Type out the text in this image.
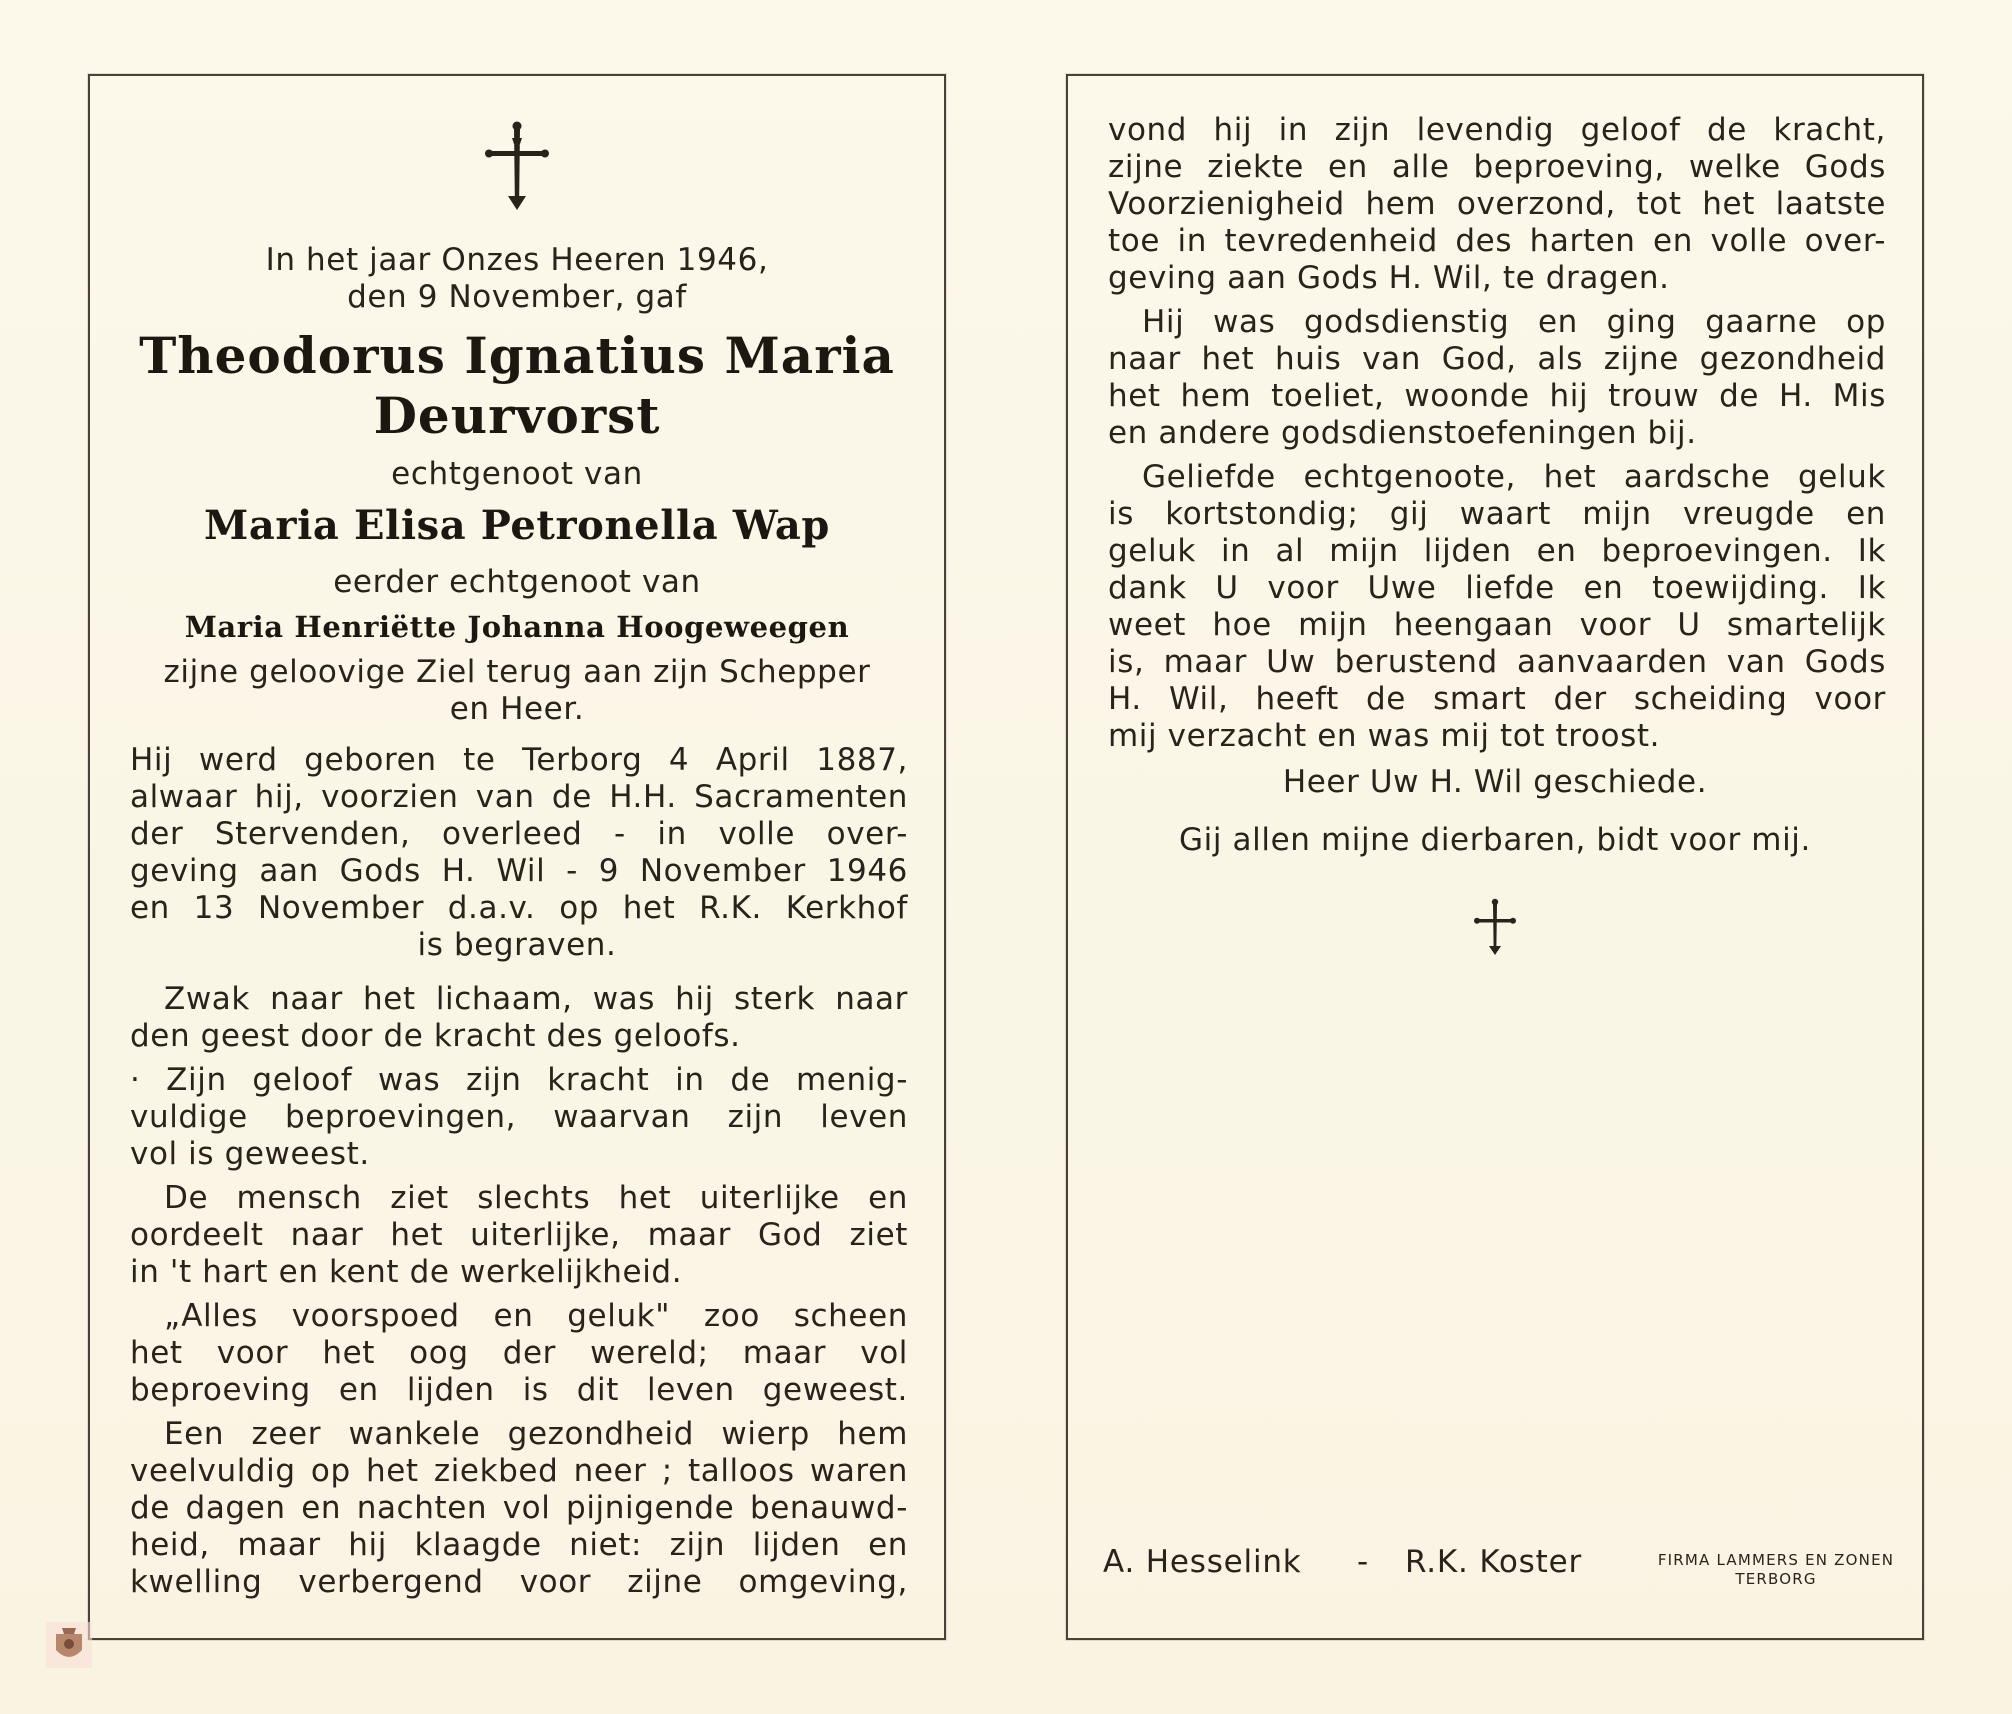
In het jaar Onzes Heeren 1946,
den 9 November, gaf
Theodorus Ignatius Maria
Deurvorst
echtgenoot van
Maria Elisa Petronella Wap
eerder echtgenoot van
Maria Henriëtte Johanna Hoogeweegen
zijne geloovige Ziel terug aan zijn Schepper
en Heer.
Hij werd geboren te Terborg 4 April 1887,
alwaar hij, voorzien van de H.H. Sacramenten
der Stervenden, overleed - in volle over-
geving aan Gods H. Wil - 9 November 1946
en 13 November d.a.v. op het R.K. Kerkhof
is begraven.
Zwak naar het lichaam, was hij sterk naar
den geest door de kracht des geloofs.
· Zijn geloof was zijn kracht in de menig-
vuldige beproevingen, waarvan zijn leven
vol is geweest.
De mensch ziet slechts het uiterlijke en
oordeelt naar het uiterlijke, maar God ziet
in 't hart en kent de werkelijkheid.
„Alles voorspoed en geluk" zoo scheen
het voor het oog der wereld; maar vol
beproeving en lijden is dit leven geweest.
Een zeer wankele gezondheid wierp hem
veelvuldig op het ziekbed neer ; talloos waren
de dagen en nachten vol pijnigende benauwd-
heid, maar hij klaagde niet: zijn lijden en
kwelling verbergend voor zijne omgeving,
vond hij in zijn levendig geloof de kracht,
zijne ziekte en alle beproeving, welke Gods
Voorzienigheid hem overzond, tot het laatste
toe in tevredenheid des harten en volle over-
geving aan Gods H. Wil, te dragen.
Hij was godsdienstig en ging gaarne op
naar het huis van God, als zijne gezondheid
het hem toeliet, woonde hij trouw de H. Mis
en andere godsdienstoefeningen bij.
Geliefde echtgenoote, het aardsche geluk
is kortstondig; gij waart mijn vreugde en
geluk in al mijn lijden en beproevingen. Ik
dank U voor Uwe liefde en toewijding. Ik
weet hoe mijn heengaan voor U smartelijk
is, maar Uw berustend aanvaarden van Gods
H. Wil, heeft de smart der scheiding voor
mij verzacht en was mij tot troost.
Heer Uw H. Wil geschiede.
Gij allen mijne dierbaren, bidt voor mij.
A. Hesselink - R.K. Koster	FIRMA LAMMERS EN ZONEN
TERBORG
